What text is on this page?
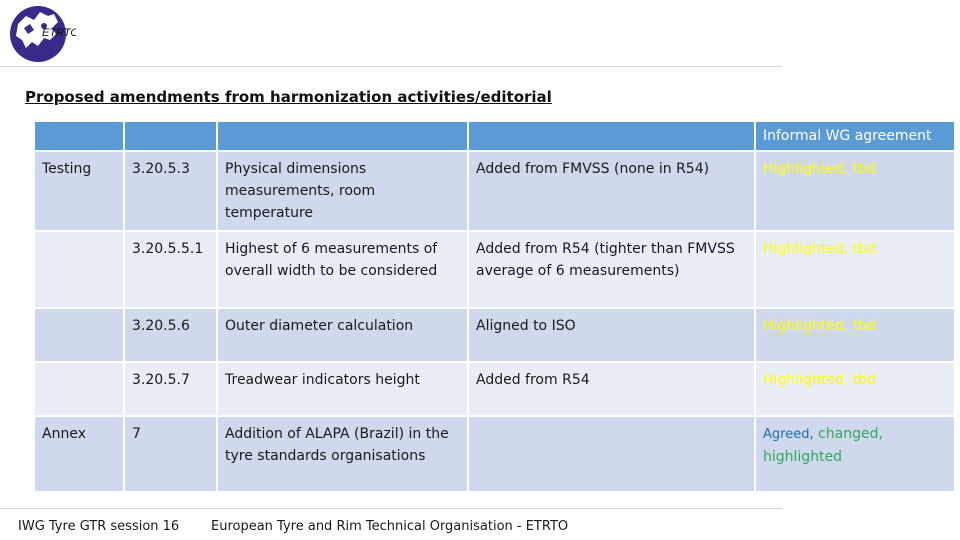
ETRTO
Proposed amendments from harmonization activities/editorial
				Informal WG agreement
Testing	3.20.5.3	Physical dimensions measurements, room temperature	Added from FMVSS (none in R54)	Highlighted, tbd
	3.20.5.5.1	Highest of 6 measurements of overall width to be considered	Added from R54 (tighter than FMVSS average of 6 measurements)	Highlighted, tbd
	3.20.5.6	Outer diameter calculation	Aligned to ISO	Highlighted, tbd
	3.20.5.7	Treadwear indicators height	Added from R54	Highlighted, tbd
Annex	7	Addition of ALAPA (Brazil) in the tyre standards organisations		Agreed, changed, highlighted
IWG Tyre GTR session 16 European Tyre and Rim Technical Organisation - ETRTO
